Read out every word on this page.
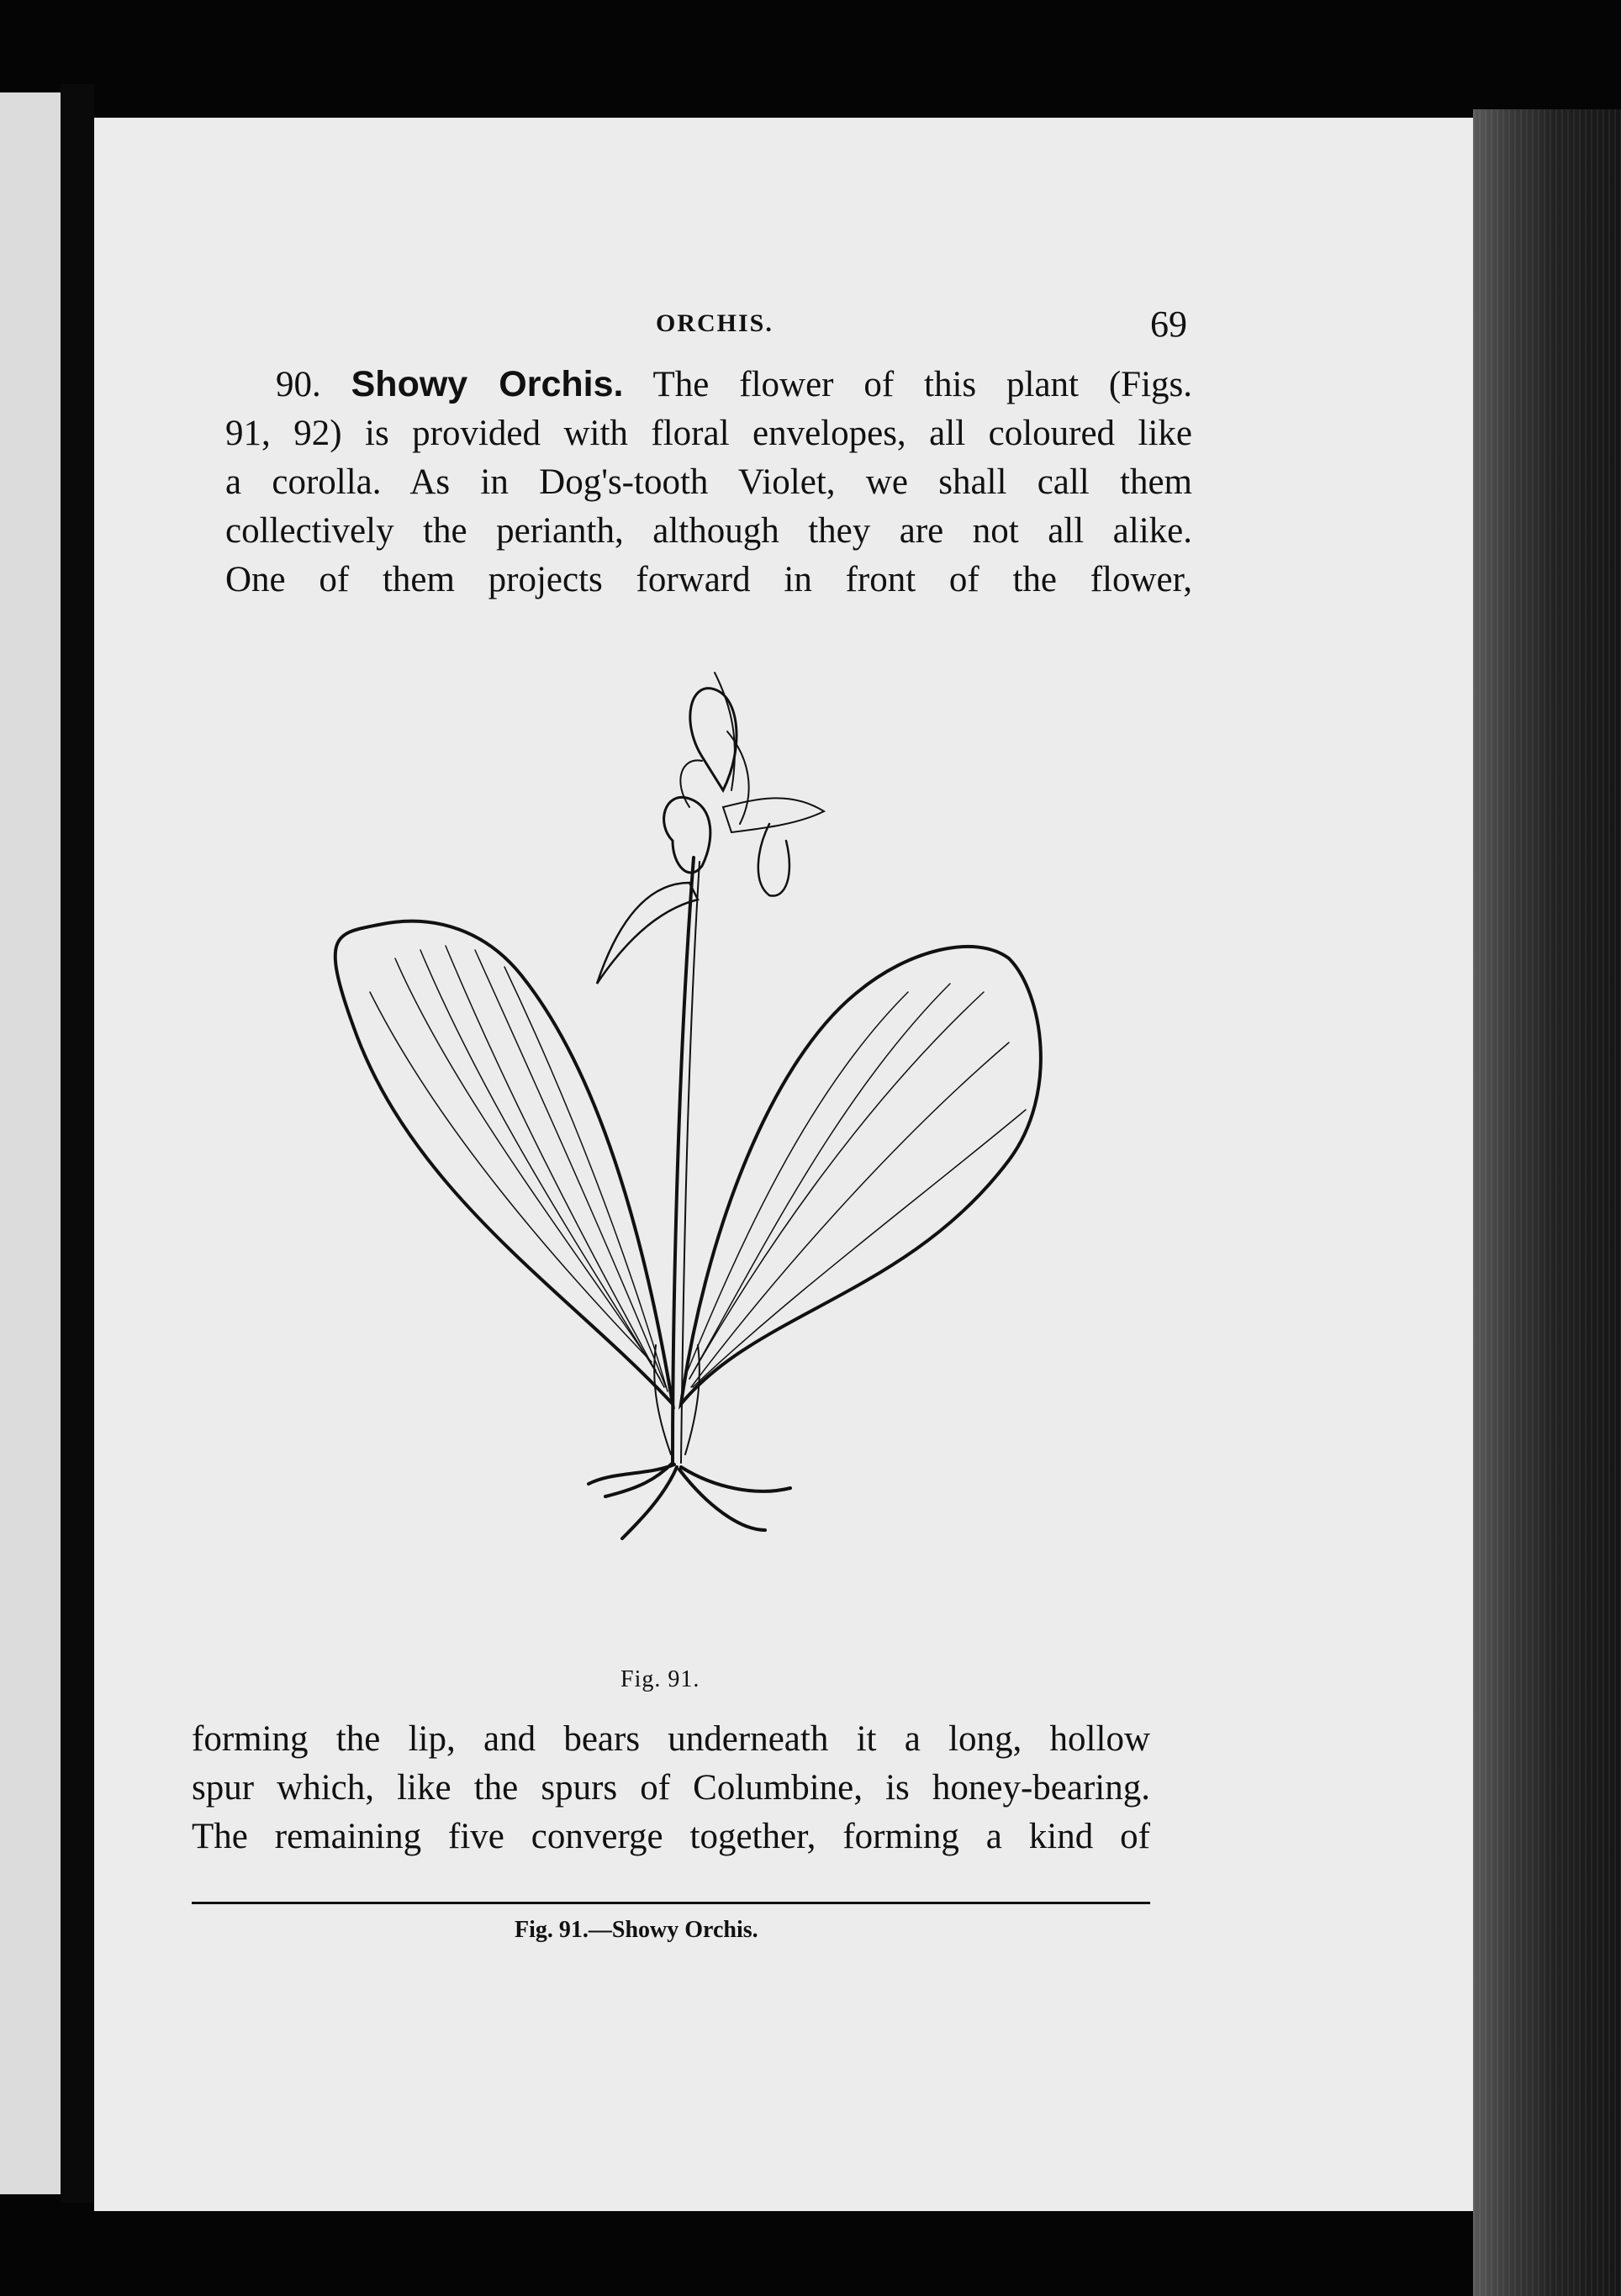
ORCHIS.	69
90. Showy Orchis. The flower of this plant (Figs.
91, 92) is provided with floral envelopes, all coloured like
a corolla. As in Dog's-tooth Violet, we shall call them
collectively the perianth, although they are not all alike.
One of them projects forward in front of the flower,
Fig. 91.
forming the lip, and bears underneath it a long, hollow
spur which, like the spurs of Columbine, is honey-bearing.
The remaining five converge together, forming a kind of
Fig. 91.—Showy Orchis.
